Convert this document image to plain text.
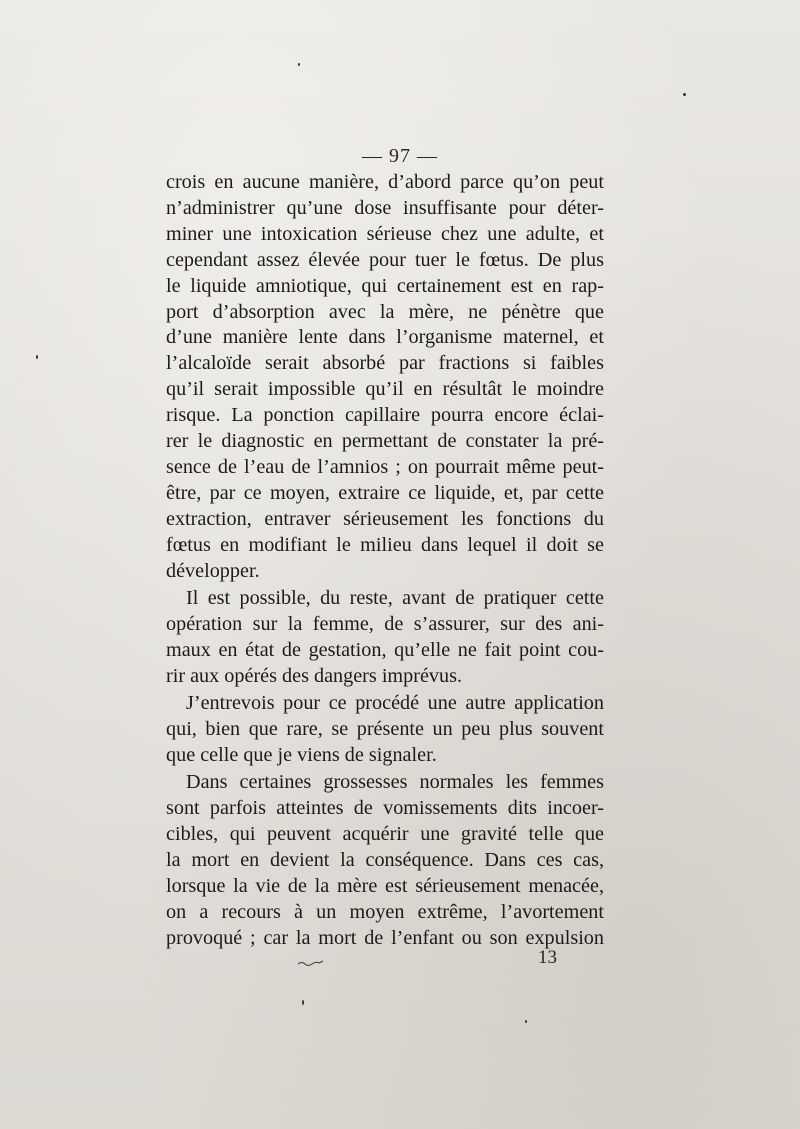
— 97 —
crois en aucune manière, d’abord parce qu’on peut
n’administrer qu’une dose insuffisante pour déter-
miner une intoxication sérieuse chez une adulte, et
cependant assez élevée pour tuer le fœtus. De plus
le liquide amniotique, qui certainement est en rap-
port d’absorption avec la mère, ne pénètre que
d’une manière lente dans l’organisme maternel, et
l’alcaloïde serait absorbé par fractions si faibles
qu’il serait impossible qu’il en résultât le moindre
risque. La ponction capillaire pourra encore éclai-
rer le diagnostic en permettant de constater la pré-
sence de l’eau de l’amnios ; on pourrait même peut-
être, par ce moyen, extraire ce liquide, et, par cette
extraction, entraver sérieusement les fonctions du
fœtus en modifiant le milieu dans lequel il doit se
développer.
Il est possible, du reste, avant de pratiquer cette
opération sur la femme, de s’assurer, sur des ani-
maux en état de gestation, qu’elle ne fait point cou-
rir aux opérés des dangers imprévus.
J’entrevois pour ce procédé une autre application
qui, bien que rare, se présente un peu plus souvent
que celle que je viens de signaler.
Dans certaines grossesses normales les femmes
sont parfois atteintes de vomissements dits incoer-
cibles, qui peuvent acquérir une gravité telle que
la mort en devient la conséquence. Dans ces cas,
lorsque la vie de la mère est sérieusement menacée,
on a recours à un moyen extrême, l’avortement
provoqué ; car la mort de l’enfant ou son expulsion
13
